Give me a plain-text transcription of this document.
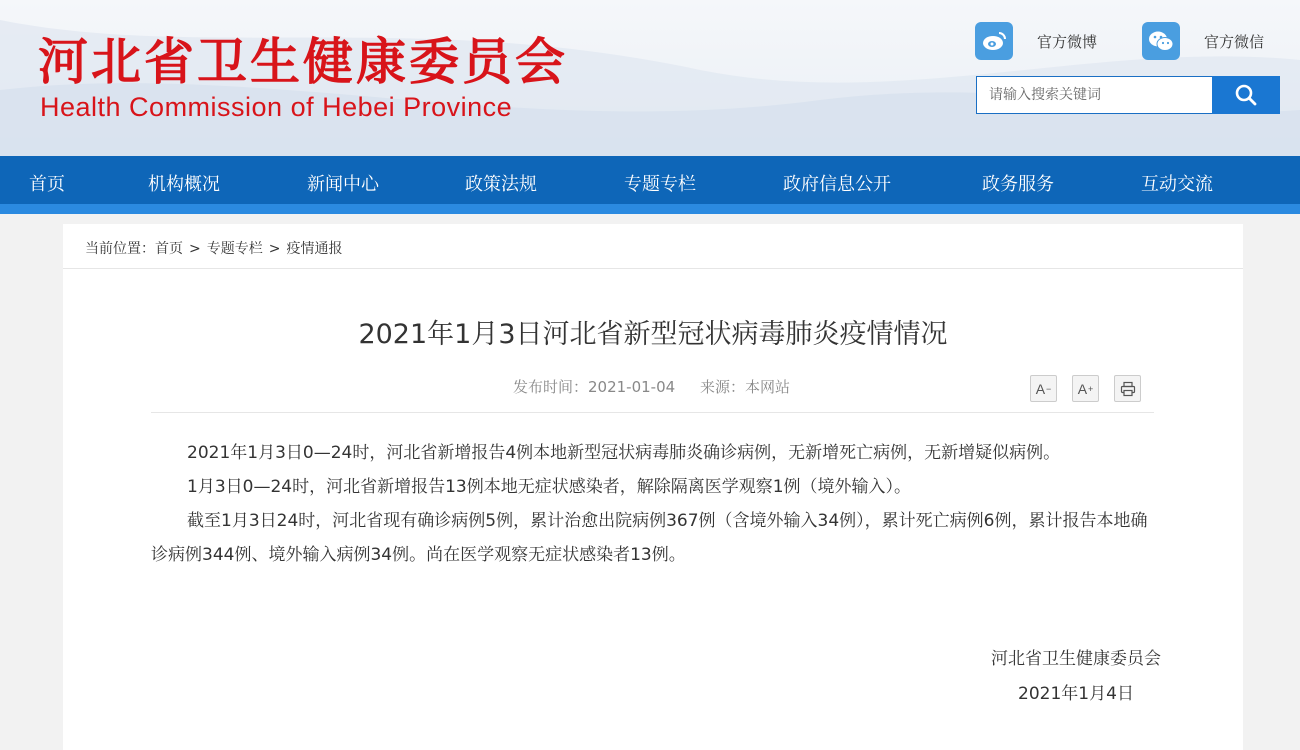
河北省卫生健康委员会
Health Commission of Hebei Province
官方微博	官方微信
请输入搜索关键词
首页	机构概况	新闻中心	政策法规	专题专栏	政府信息公开	政务服务	互动交流
当前位置：首页 > 专题专栏 > 疫情通报
2021年1月3日河北省新型冠状病毒肺炎疫情情况
发布时间：2021-01-04 来源：本网站	A −	A +

2021年1月3日0—24时，河北省新增报告4例本地新型冠状病毒肺炎确诊病例，无新增死亡病例，无新增疑似病例。

1月3日0—24时，河北省新增报告13例本地无症状感染者，解除隔离医学观察1例（境外输入）。

截至1月3日24时，河北省现有确诊病例5例，累计治愈出院病例367例（含境外输入34例），累计死亡病例6例，累计报告本地确诊病例344例、境外输入病例34例。尚在医学观察无症状感染者13例。

河北省卫生健康委员会
2021年1月4日
